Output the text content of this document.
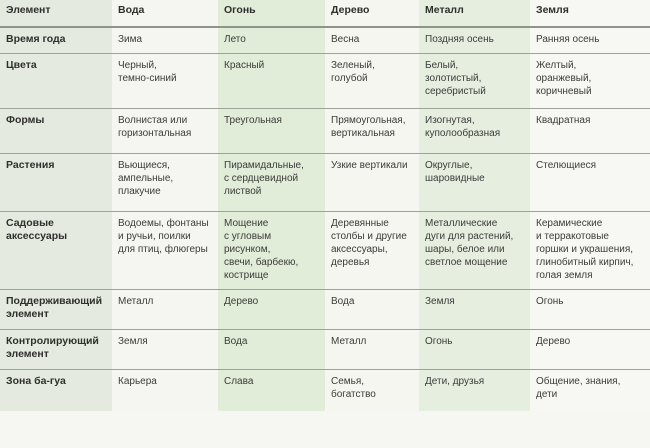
Элемент	Вода	Огонь	Дерево	Металл	Земля
Время года	Зима	Лето	Весна	Поздняя осень	Ранняя осень
Цвета	Черный,
темно-синий	Красный	Зеленый,
голубой	Белый,
золотистый,
серебристый	Желтый,
оранжевый,
коричневый
Формы	Волнистая или
горизонтальная	Треугольная	Прямоугольная,
вертикальная	Изогнутая,
куполообразная	Квадратная
Растения	Вьющиеся,
ампельные,
плакучие	Пирамидальные,
с сердцевидной
листвой	Узкие вертикали	Округлые,
шаровидные	Стелющиеся
Садовые
аксессуары	Водоемы, фонтаны
и ручьи, поилки
для птиц, флюгеры	Мощение
с угловым
рисунком,
свечи, барбекю,
кострище	Деревянные
столбы и другие
аксессуары,
деревья	Металлические
дуги для растений,
шары, белое или
светлое мощение	Керамические
и терракотовые
горшки и украшения,
глинобитный кирпич,
голая земля
Поддерживающий
элемент	Металл	Дерево	Вода	Земля	Огонь
Контролирующий
элемент	Земля	Вода	Металл	Огонь	Дерево
Зона ба-гуа	Карьера	Слава	Семья,
богатство	Дети, друзья	Общение, знания,
дети
